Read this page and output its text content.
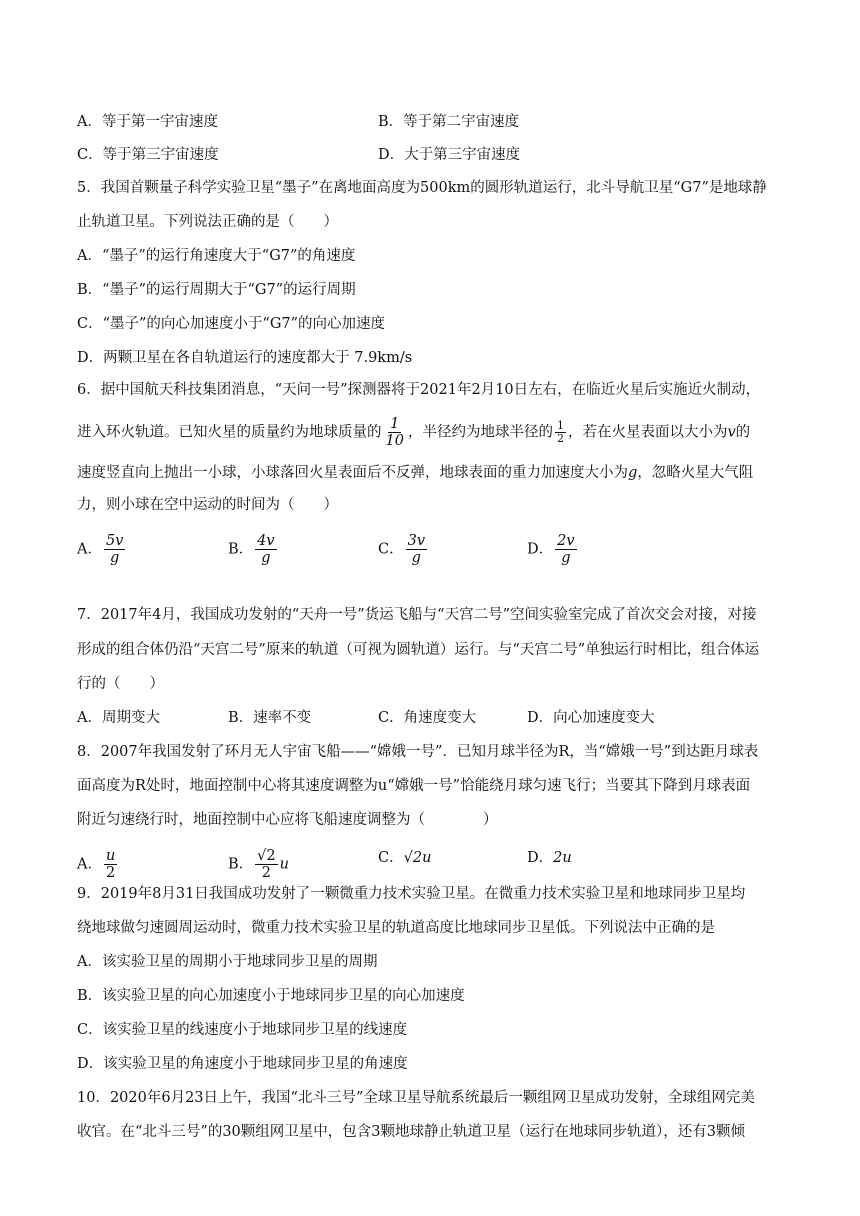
A．等于第一宇宙速度	B．等于第二宇宙速度
C．等于第三宇宙速度	D．大于第三宇宙速度
5．我国首颗量子科学实验卫星“墨子”在离地面高度为500km的圆形轨道运行，北斗导航卫星“G7”是地球静
止轨道卫星。下列说法正确的是（　　）
A．“墨子”的运行角速度大于“G7”的角速度
B．“墨子”的运行周期大于“G7”的运行周期
C．“墨子”的向心加速度小于“G7”的向心加速度
D．两颗卫星在各自轨道运行的速度都大于 7.9km/s
6．据中国航天科技集团消息，“天问一号”探测器将于2021年2月10日左右，在临近火星后实施近火制动，
进入环火轨道。已知火星的质量约为地球质量的 $\frac{1}{10}$ ，半径约为地球半径的 $\frac{1}{2}$ ，若在火星表面以大小为v的
速度竖直向上抛出一小球，小球落回火星表面后不反弹，地球表面的重力加速度大小为g，忽略火星大气阻
力，则小球在空中运动的时间为（　　）
A． $\frac{5v}{g}$	B． $\frac{4v}{g}$	C． $\frac{3v}{g}$	D． $\frac{2v}{g}$
7．2017年4月，我国成功发射的“天舟一号”货运飞船与“天宫二号”空间实验室完成了首次交会对接，对接
形成的组合体仍沿“天宫二号”原来的轨道（可视为圆轨道）运行。与“天宫二号”单独运行时相比，组合体运
行的（　　）
A．周期变大	B．速率不变	C．角速度变大	D．向心加速度变大
8．2007年我国发射了环月无人宇宙飞船——“嫦娥一号”．已知月球半径为R，当“嫦娥一号”到达距月球表
面高度为R处时，地面控制中心将其速度调整为u“嫦娥一号”恰能绕月球匀速飞行；当要其下降到月球表面
附近匀速绕行时，地面控制中心应将飞船速度调整为（　　　　）
A． $\frac{u}{2}$	B． $\frac{√2}{2}$ u	C．√2u	D．2u
9．2019年8月31日我国成功发射了一颗微重力技术实验卫星。在微重力技术实验卫星和地球同步卫星均
绕地球做匀速圆周运动时，微重力技术实验卫星的轨道高度比地球同步卫星低。下列说法中正确的是
A．该实验卫星的周期小于地球同步卫星的周期
B．该实验卫星的向心加速度小于地球同步卫星的向心加速度
C．该实验卫星的线速度小于地球同步卫星的线速度
D．该实验卫星的角速度小于地球同步卫星的角速度
10．2020年6月23日上午，我国“北斗三号”全球卫星导航系统最后一颗组网卫星成功发射，全球组网完美
收官。在“北斗三号”的30颗组网卫星中，包含3颗地球静止轨道卫星（运行在地球同步轨道），还有3颗倾
